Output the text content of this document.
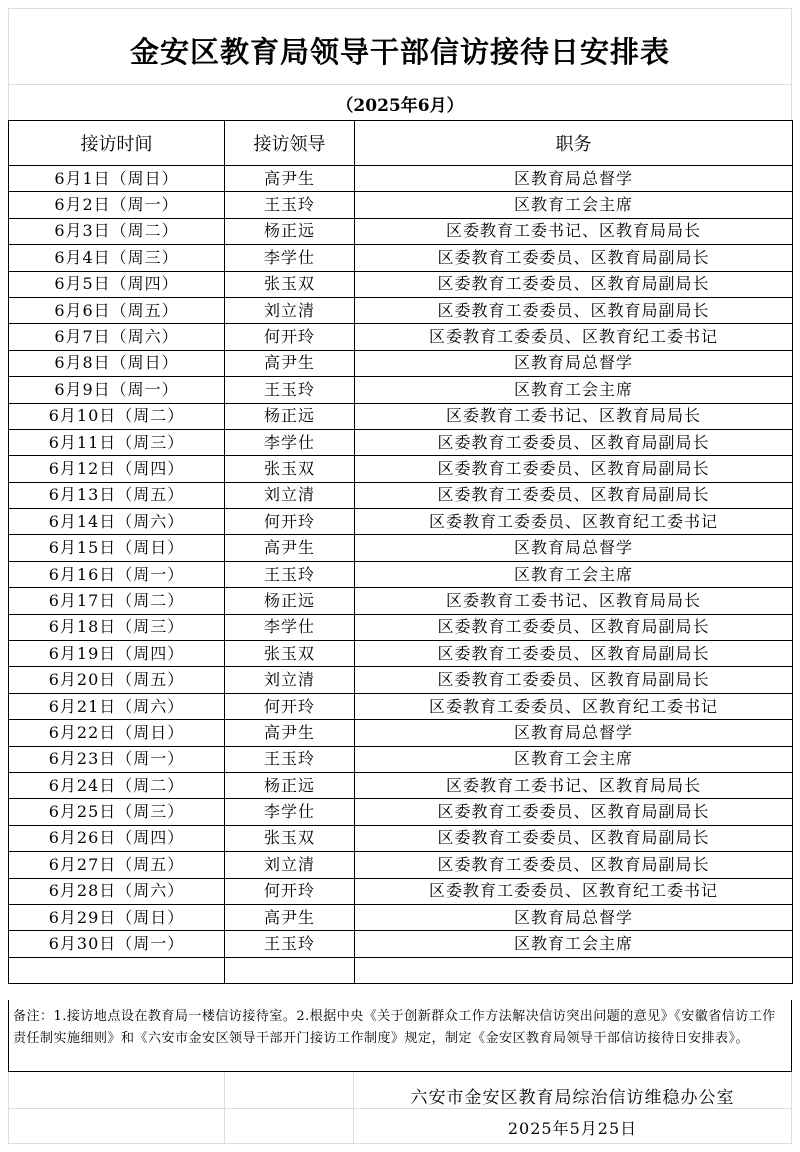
金安区教育局领导干部信访接待日安排表
（2025年6月）
接访时间	接访领导	职务
6月1日（周日）	高尹生	区教育局总督学
6月2日（周一）	王玉玲	区教育工会主席
6月3日（周二）	杨正远	区委教育工委书记、区教育局局长
6月4日（周三）	李学仕	区委教育工委委员、区教育局副局长
6月5日（周四）	张玉双	区委教育工委委员、区教育局副局长
6月6日（周五）	刘立清	区委教育工委委员、区教育局副局长
6月7日（周六）	何开玲	区委教育工委委员、区教育纪工委书记
6月8日（周日）	高尹生	区教育局总督学
6月9日（周一）	王玉玲	区教育工会主席
6月10日（周二）	杨正远	区委教育工委书记、区教育局局长
6月11日（周三）	李学仕	区委教育工委委员、区教育局副局长
6月12日（周四）	张玉双	区委教育工委委员、区教育局副局长
6月13日（周五）	刘立清	区委教育工委委员、区教育局副局长
6月14日（周六）	何开玲	区委教育工委委员、区教育纪工委书记
6月15日（周日）	高尹生	区教育局总督学
6月16日（周一）	王玉玲	区教育工会主席
6月17日（周二）	杨正远	区委教育工委书记、区教育局局长
6月18日（周三）	李学仕	区委教育工委委员、区教育局副局长
6月19日（周四）	张玉双	区委教育工委委员、区教育局副局长
6月20日（周五）	刘立清	区委教育工委委员、区教育局副局长
6月21日（周六）	何开玲	区委教育工委委员、区教育纪工委书记
6月22日（周日）	高尹生	区教育局总督学
6月23日（周一）	王玉玲	区教育工会主席
6月24日（周二）	杨正远	区委教育工委书记、区教育局局长
6月25日（周三）	李学仕	区委教育工委委员、区教育局副局长
6月26日（周四）	张玉双	区委教育工委委员、区教育局副局长
6月27日（周五）	刘立清	区委教育工委委员、区教育局副局长
6月28日（周六）	何开玲	区委教育工委委员、区教育纪工委书记
6月29日（周日）	高尹生	区教育局总督学
6月30日（周一）	王玉玲	区教育工会主席

备注：1.接访地点设在教育局一楼信访接待室。2.根据中央《关于创新群众工作方法解决信访突出问题的意见》《安徽省信访工作责任制实施细则》和《六安市金安区领导干部开门接访工作制度》规定，制定《金安区教育局领导干部信访接待日安排表》。
六安市金安区教育局综治信访维稳办公室
2025年5月25日
